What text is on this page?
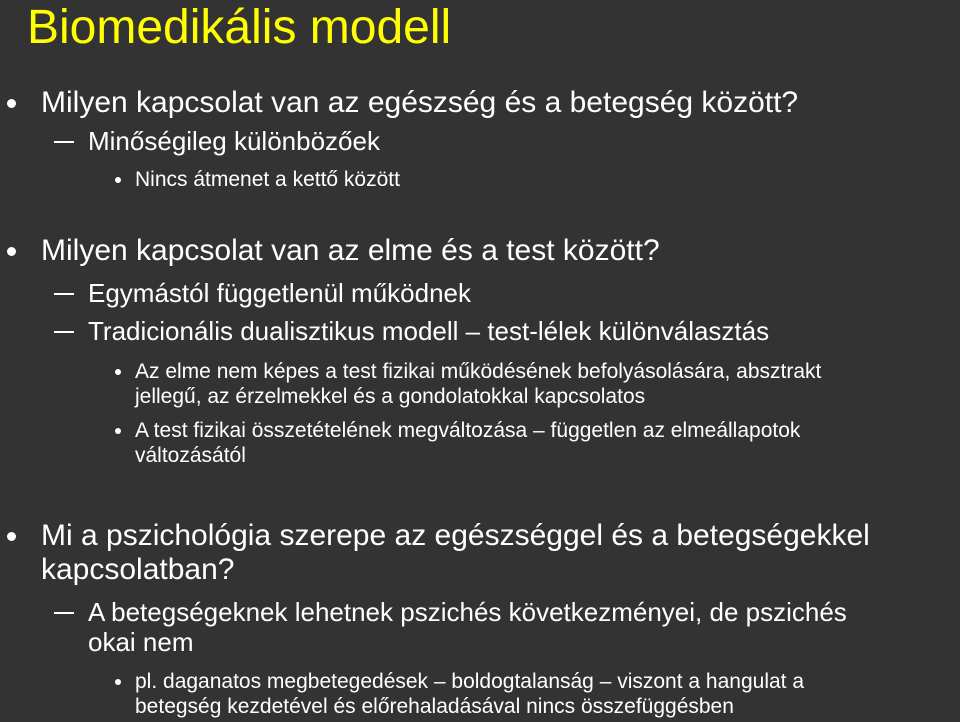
Biomedikális modell
Milyen kapcsolat van az egészség és a betegség között?
Minőségileg különbözőek
Nincs átmenet a kettő között
Milyen kapcsolat van az elme és a test között?
Egymástól függetlenül működnek
Tradicionális dualisztikus modell – test-lélek különválasztás
Az elme nem képes a test fizikai működésének befolyásolására, absztrakt
jellegű, az érzelmekkel és a gondolatokkal kapcsolatos
A test fizikai összetételének megváltozása – független az elmeállapotok
változásától
Mi a pszichológia szerepe az egészséggel és a betegségekkel
kapcsolatban?
A betegségeknek lehetnek pszichés következményei, de pszichés
okai nem
pl. daganatos megbetegedések – boldogtalanság – viszont a hangulat a
betegség kezdetével és előrehaladásával nincs összefüggésben
